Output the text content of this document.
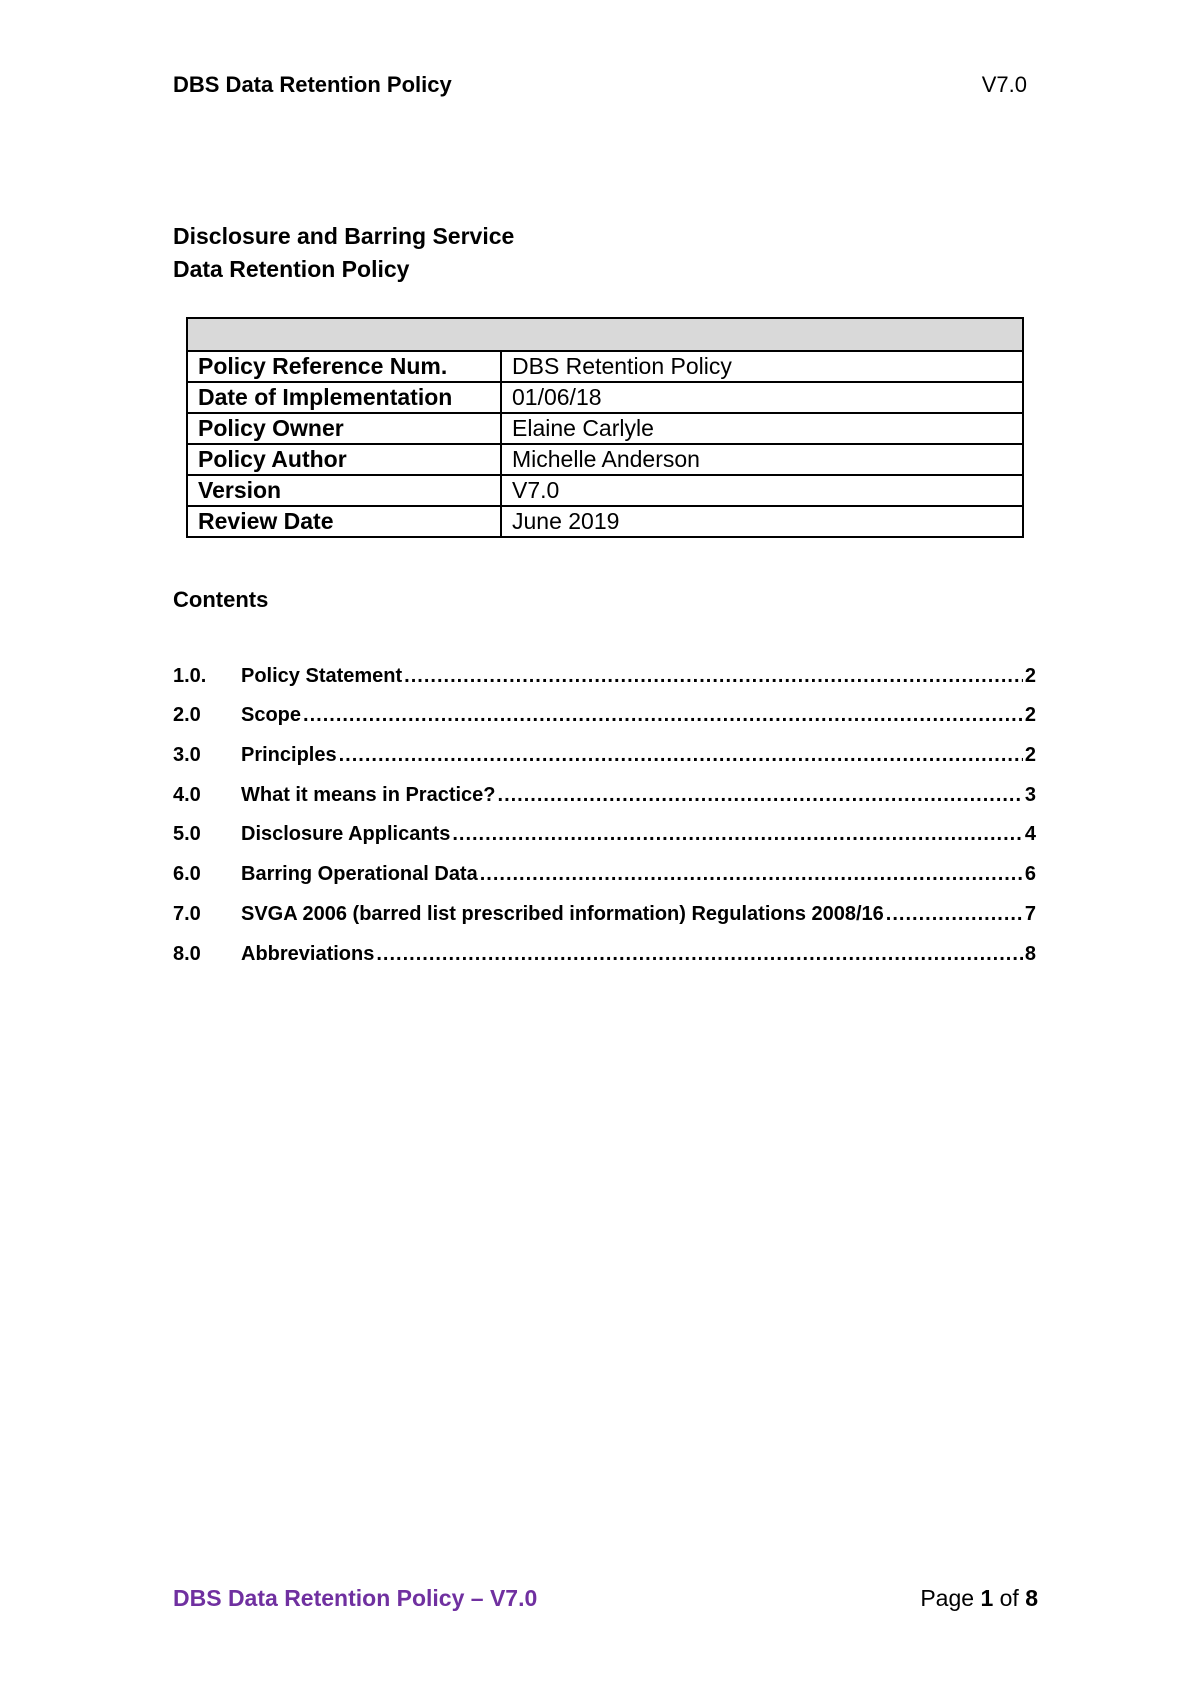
DBS Data Retention Policy	V7.0
Disclosure and Barring Service
Data Retention Policy

Policy Reference Num.	DBS Retention Policy
Date of Implementation	01/06/18
Policy Owner	Elaine Carlyle
Policy Author	Michelle Anderson
Version	V7.0
Review Date	June 2019
Contents
1.0.	Policy Statement .....	2
2.0	Scope .....	2
3.0	Principles .....	2
4.0	What it means in Practice? .....	3
5.0	Disclosure Applicants .....	4
6.0	Barring Operational Data .....	6
7.0	SVGA 2006 (barred list prescribed information) Regulations 2008/16 .....	7
8.0	Abbreviations .....	8
DBS Data Retention Policy – V7.0	Page 1 of 8
